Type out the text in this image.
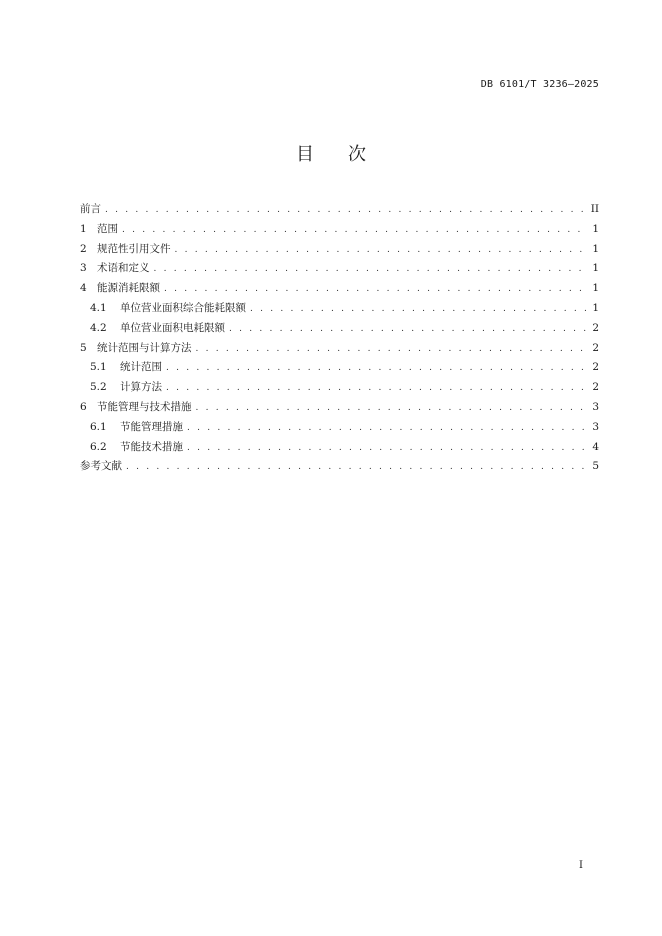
DB 6101/T 3236—2025
目次
前言 . . .	II
1 范围 . . .	1
2 规范性引用文件 . . .	1
3 术语和定义 . . .	1
4 能源消耗限额 . . .	1
4.1	单位营业面积综合能耗限额 . . .	1
4.2	单位营业面积电耗限额 . . .	2
5 统计范围与计算方法 . . .	2
5.1	统计范围 . . .	2
5.2	计算方法 . . .	2
6 节能管理与技术措施 . . .	3
6.1	节能管理措施 . . .	3
6.2	节能技术措施 . . .	4
参考文献 . . .	5
I
